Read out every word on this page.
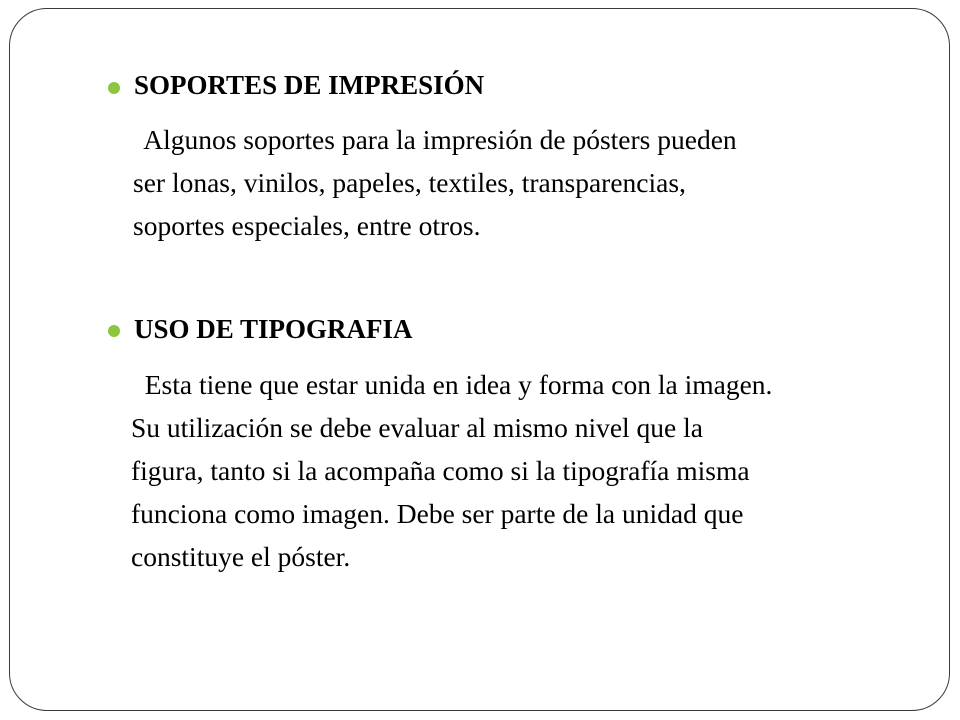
SOPORTES DE IMPRESIÓN

Algunos soportes para la impresión de pósters pueden
ser lonas, vinilos, papeles, textiles, transparencias,
soportes especiales, entre otros.

USO DE TIPOGRAFIA

Esta tiene que estar unida en idea y forma con la imagen.
Su utilización se debe evaluar al mismo nivel que la
figura, tanto si la acompaña como si la tipografía misma
funciona como imagen. Debe ser parte de la unidad que
constituye el póster.
